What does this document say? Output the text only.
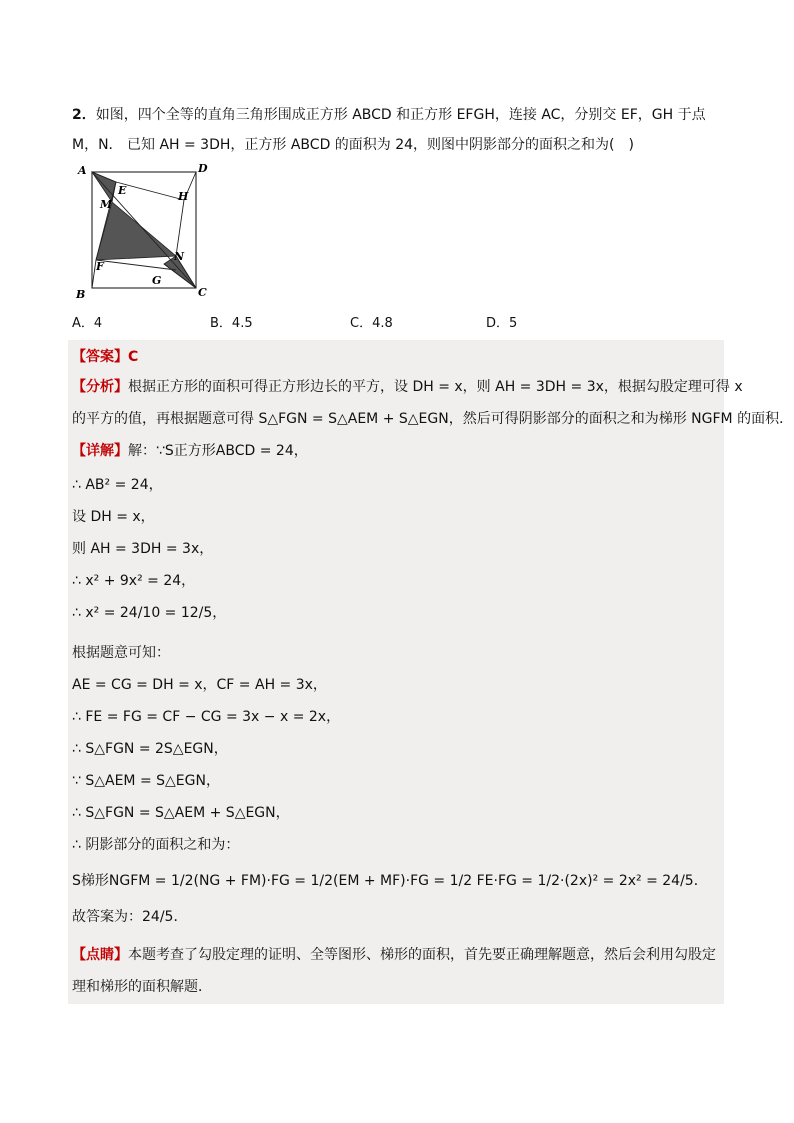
2．如图，四个全等的直角三角形围成正方形 ABCD 和正方形 EFGH，连接 AC，分别交 EF，GH 于点
M，N． 已知 AH = 3DH，正方形 ABCD 的面积为 24，则图中阴影部分的面积之和为(　)
A	D
E	H
M
N
F
G
B	C
A．4	B．4.5	C．4.8	D．5
【答案】C
【分析】根据正方形的面积可得正方形边长的平方，设 DH = x，则 AH = 3DH = 3x，根据勾股定理可得 x
的平方的值，再根据题意可得 S△FGN = S△AEM + S△EGN，然后可得阴影部分的面积之和为梯形 NGFM 的面积．
【详解】解：∵S正方形ABCD = 24，
∴ AB² = 24，
设 DH = x，
则 AH = 3DH = 3x，
∴ x² + 9x² = 24，
∴ x² = 24/10 = 12/5，
根据题意可知：
AE = CG = DH = x，CF = AH = 3x，
∴ FE = FG = CF − CG = 3x − x = 2x，
∴ S△FGN = 2S△EGN，
∵ S△AEM = S△EGN，
∴ S△FGN = S△AEM + S△EGN，
∴ 阴影部分的面积之和为：
S梯形NGFM = 1/2(NG + FM)·FG = 1/2(EM + MF)·FG = 1/2 FE·FG = 1/2·(2x)² = 2x² = 24/5．
故答案为：24/5．
【点睛】本题考查了勾股定理的证明、全等图形、梯形的面积，首先要正确理解题意，然后会利用勾股定
理和梯形的面积解题．
